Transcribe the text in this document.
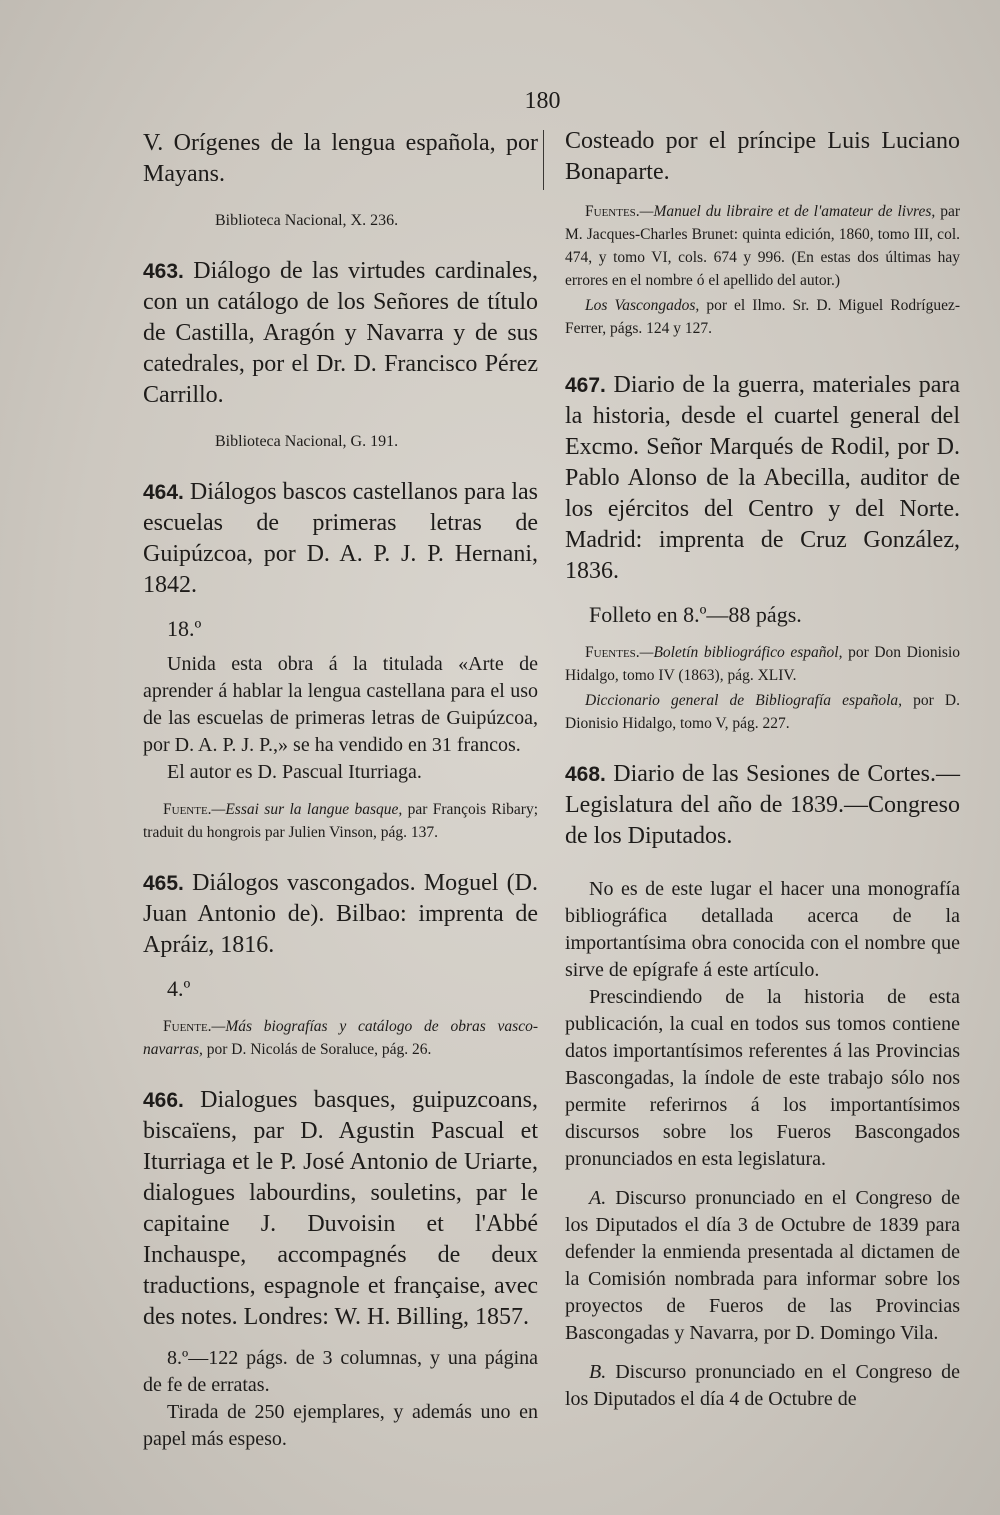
180

V. Orígenes de la lengua española, por Mayans.

Biblioteca Nacional, X. 236.

463. Diálogo de las virtudes cardinales, con un catálogo de los Señores de título de Castilla, Aragón y Navarra y de sus catedrales, por el Dr. D. Francisco Pérez Carrillo.

Biblioteca Nacional, G. 191.

464. Diálogos bascos castellanos para las escuelas de primeras letras de Guipúzcoa, por D. A. P. J. P. Hernani, 1842.

18.º

Unida esta obra á la titulada «Arte de aprender á hablar la lengua castellana para el uso de las escuelas de primeras letras de Guipúzcoa, por D. A. P. J. P.,» se ha vendido en 31 francos.

El autor es D. Pascual Iturriaga.

Fuente.—Essai sur la langue basque, par François Ribary; traduit du hongrois par Julien Vinson, pág. 137.

465. Diálogos vascongados. Moguel (D. Juan Antonio de). Bilbao: imprenta de Apráiz, 1816.

4.º

Fuente.—Más biografías y catálogo de obras vasco-navarras, por D. Nicolás de Soraluce, pág. 26.

466. Dialogues basques, guipuzcoans, biscaïens, par D. Agustin Pascual et Iturriaga et le P. José Antonio de Uriarte, dialogues labourdins, souletins, par le capitaine J. Duvoisin et l'Abbé Inchauspe, accompagnés de deux traductions, espagnole et française, avec des notes. Londres: W. H. Billing, 1857.

8.º—122 págs. de 3 columnas, y una página de fe de erratas.

Tirada de 250 ejemplares, y además uno en papel más espeso.

Costeado por el príncipe Luis Luciano Bonaparte.

Fuentes.—Manuel du libraire et de l'amateur de livres, par M. Jacques-Charles Brunet: quinta edición, 1860, tomo III, col. 474, y tomo VI, cols. 674 y 996. (En estas dos últimas hay errores en el nombre ó el apellido del autor.)

Los Vascongados, por el Ilmo. Sr. D. Miguel Rodríguez-Ferrer, págs. 124 y 127.

467. Diario de la guerra, materiales para la historia, desde el cuartel general del Excmo. Señor Marqués de Rodil, por D. Pablo Alonso de la Abecilla, auditor de los ejércitos del Centro y del Norte. Madrid: imprenta de Cruz González, 1836.

Folleto en 8.º—88 págs.

Fuentes.—Boletín bibliográfico español, por Don Dionisio Hidalgo, tomo IV (1863), pág. XLIV.

Diccionario general de Bibliografía española, por D. Dionisio Hidalgo, tomo V, pág. 227.

468. Diario de las Sesiones de Cortes.—Legislatura del año de 1839.—Congreso de los Diputados.

No es de este lugar el hacer una monografía bibliográfica detallada acerca de la importantísima obra conocida con el nombre que sirve de epígrafe á este artículo.

Prescindiendo de la historia de esta publicación, la cual en todos sus tomos contiene datos importantísimos referentes á las Provincias Bascongadas, la índole de este trabajo sólo nos permite referirnos á los importantísimos discursos sobre los Fueros Bascongados pronunciados en esta legislatura.

A. Discurso pronunciado en el Congreso de los Diputados el día 3 de Octubre de 1839 para defender la enmienda presentada al dictamen de la Comisión nombrada para informar sobre los proyectos de Fueros de las Provincias Bascongadas y Navarra, por D. Domingo Vila.

B. Discurso pronunciado en el Congreso de los Diputados el día 4 de Octubre de
